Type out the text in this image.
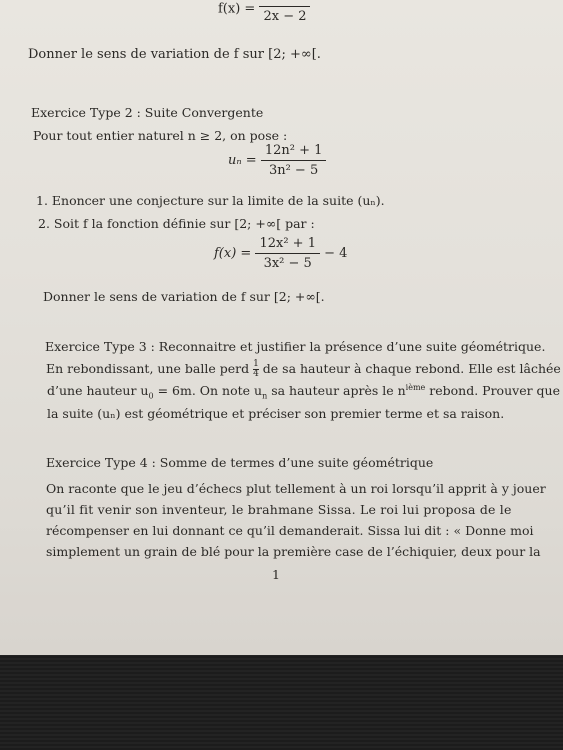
f(x) = 2x − 2
Donner le sens de variation de f sur [2; +∞[.
Exercice Type 2 : Suite Convergente
Pour tout entier naturel n ≥ 2, on pose :
$u_n = \frac{\text{12n² + 1}}{\text{3n² − 5}}$
1. Enoncer une conjecture sur la limite de la suite (uₙ).
2. Soit f la fonction définie sur [2; +∞[ par :
$f(x) = \frac{\text{12x² + 1}}{\text{3x² − 5}} - 4$
Donner le sens de variation de f sur [2; +∞[.
Exercice Type 3 : Reconnaitre et justifier la présence d’une suite géométrique.
En rebondissant, une balle perd $\frac{1}{4}$ de sa hauteur à chaque rebond. Elle est lâchée
d’une hauteur $u_0 = 6m$. On note $u_n$ sa hauteur après le $n^{ième}$ rebond. Prouver que
la suite (uₙ) est géométrique et préciser son premier terme et sa raison.
Exercice Type 4 : Somme de termes d’une suite géométrique
On raconte que le jeu d’échecs plut tellement à un roi lorsqu’il apprit à y jouer
qu’il fit venir son inventeur, le brahmane Sissa. Le roi lui proposa de le
récompenser en lui donnant ce qu’il demanderait. Sissa lui dit : « Donne moi
simplement un grain de blé pour la première case de l’échiquier, deux pour la
1
